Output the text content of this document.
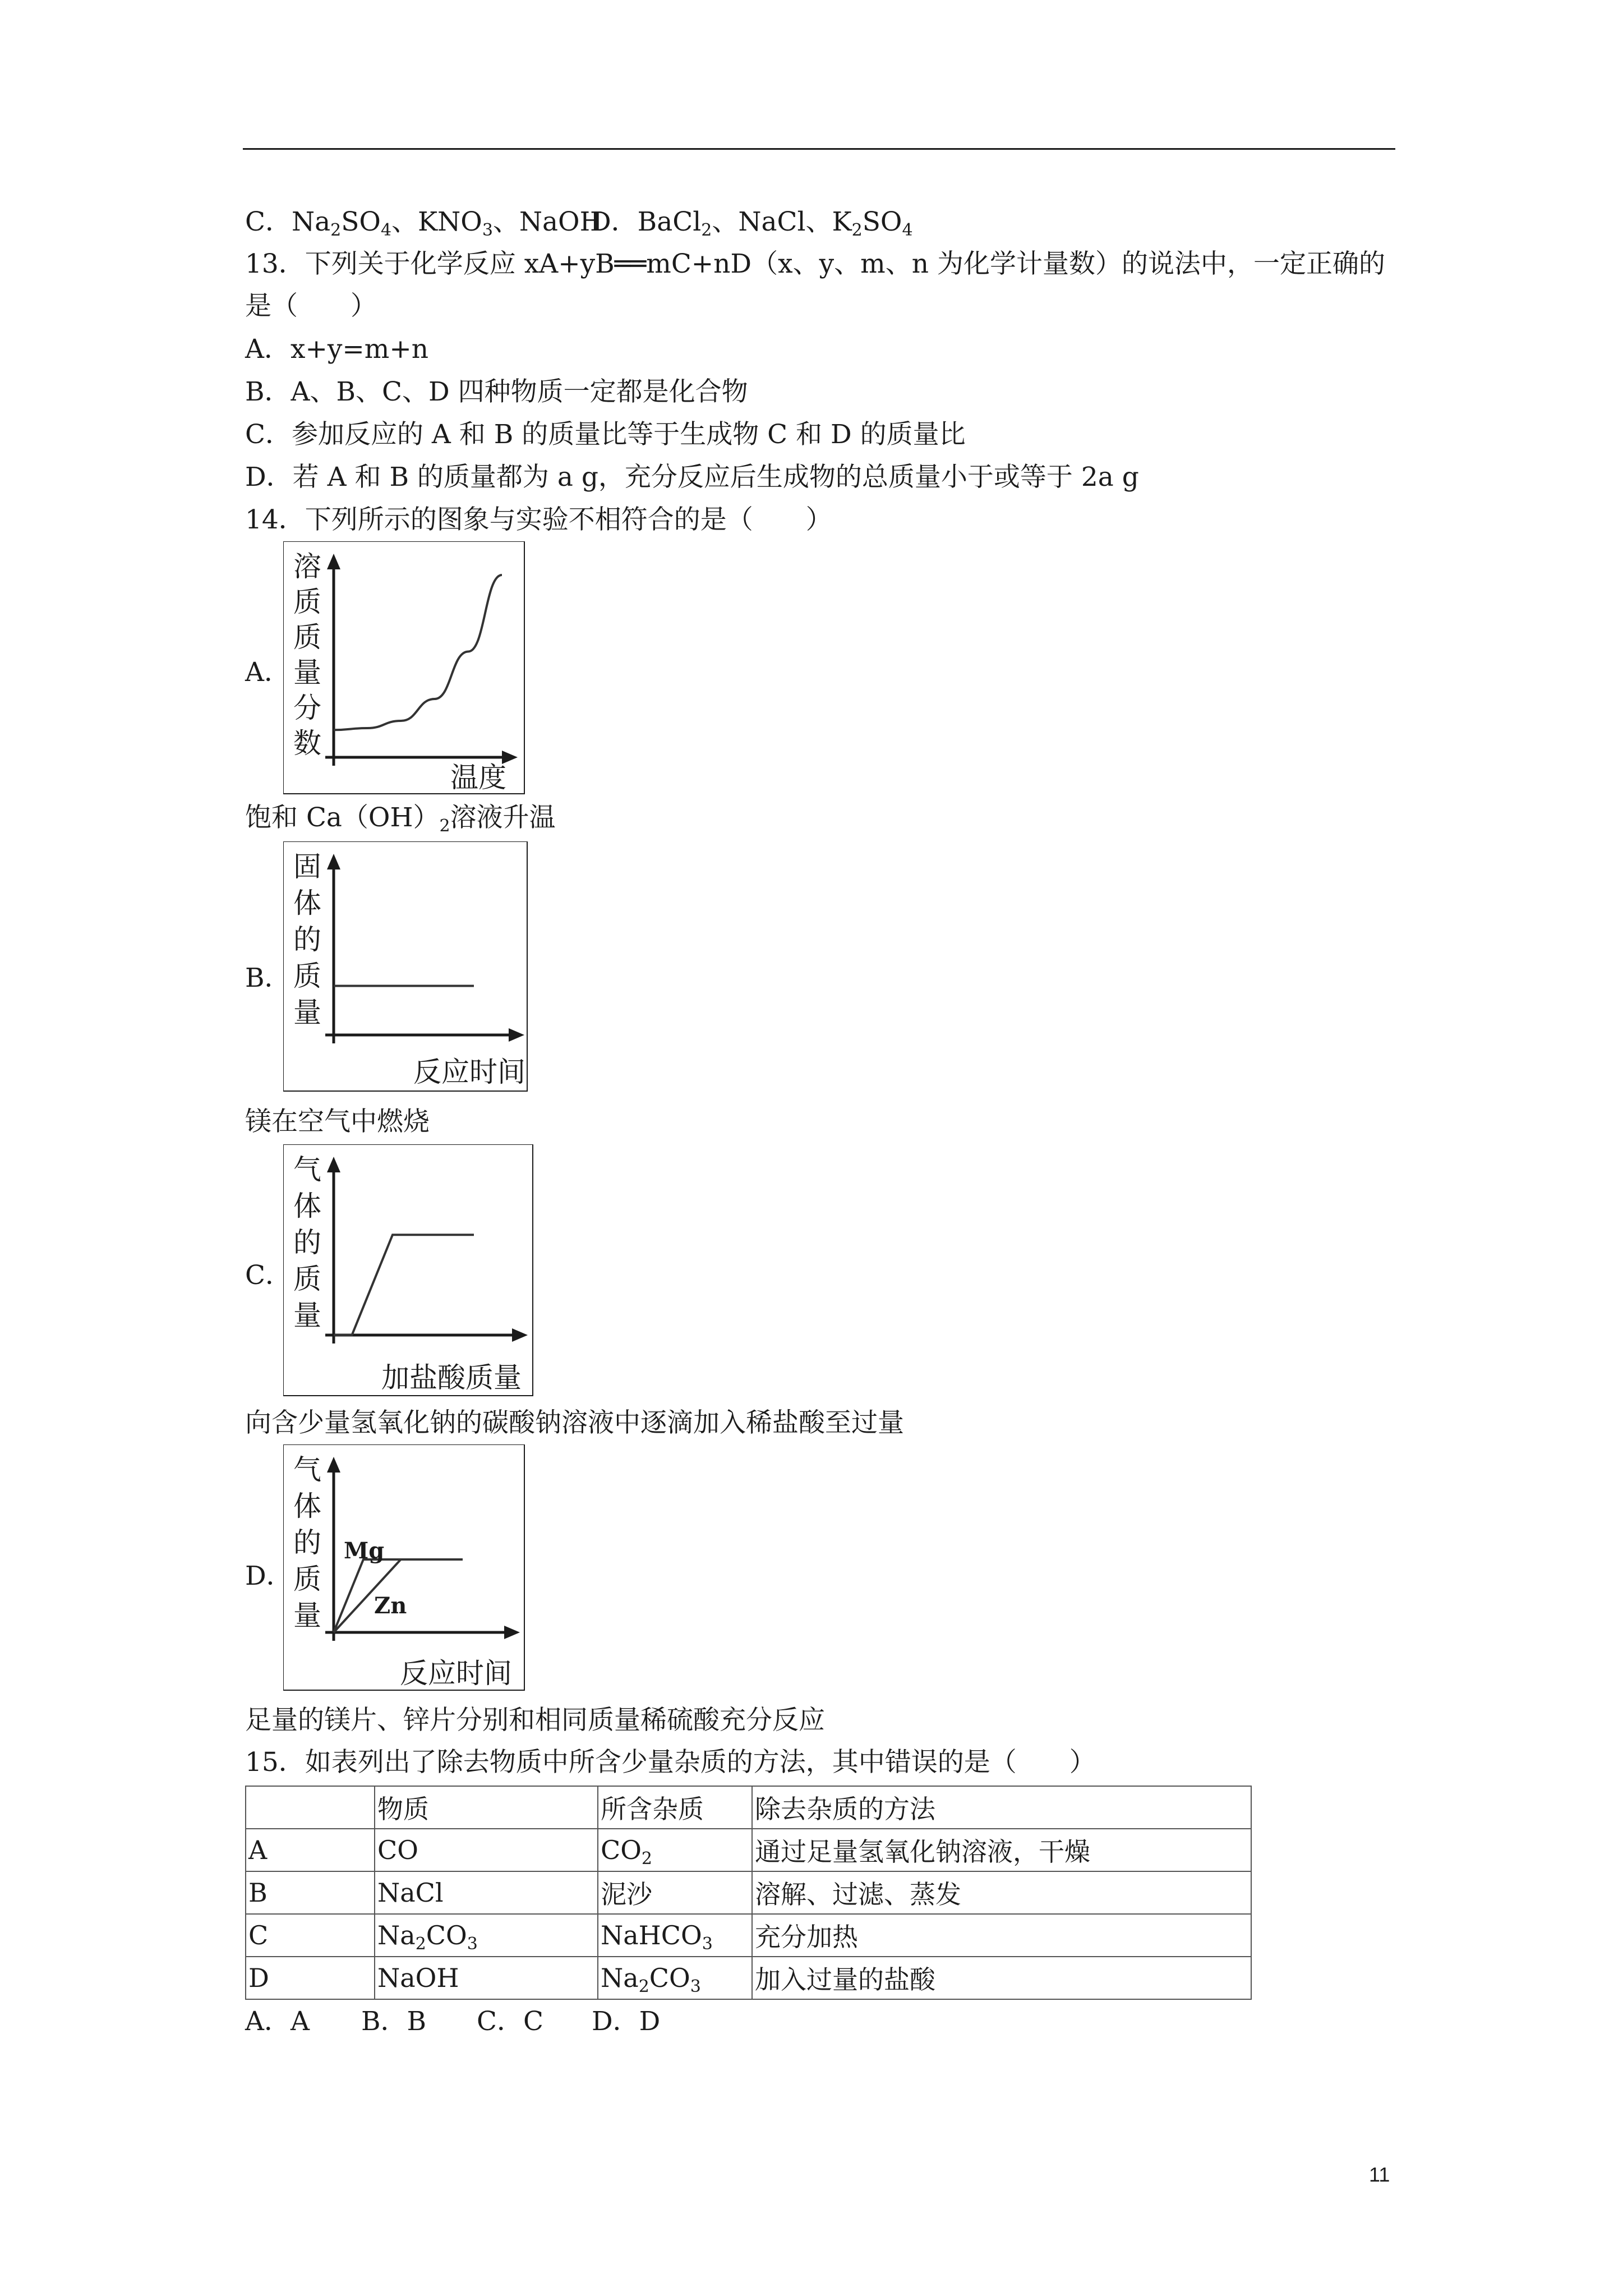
C．$Na_2SO_4$、$KNO_3$、NaOH
D．BaCl$_2$、NaCl、$K_2SO_4$
13．下列关于化学反应 xA+yB══mC+nD（x、y、m、n 为化学计量数）的说法中，一定正确的
是（　　）
A．x+y=m+n
B．A、B、C、D 四种物质一定都是化合物
C．参加反应的 A 和 B 的质量比等于生成物 C 和 D 的质量比
D．若 A 和 B 的质量都为 a g，充分反应后生成物的总质量小于或等于 2a g
14．下列所示的图象与实验不相符合的是（　　）
A．
溶
质
质
量
分
数
温度
饱和 $Ca(OH)_2$溶液升温
B．
固
体
的
质
量
反应时间
镁在空气中燃烧
C．
气
体
的
质
量
加盐酸质量
向含少量氢氧化钠的碳酸钠溶液中逐滴加入稀盐酸至过量
D．
气
体
的
质
量
Mg
Zn
反应时间
足量的镁片、锌片分别和相同质量稀硫酸充分反应
15．如表列出了除去物质中所含少量杂质的方法，其中错误的是（　　）
	物质	所含杂质	除去杂质的方法
A	CO	$CO_2$	通过足量氢氧化钠溶液，干燥
B	NaCl	泥沙	溶解、过滤、蒸发
C	$Na_2CO_3$	NaHCO$_3$	充分加热
D	NaOH	$Na_2CO_3$	加入过量的盐酸
A．A B．B C．C D．D
11
